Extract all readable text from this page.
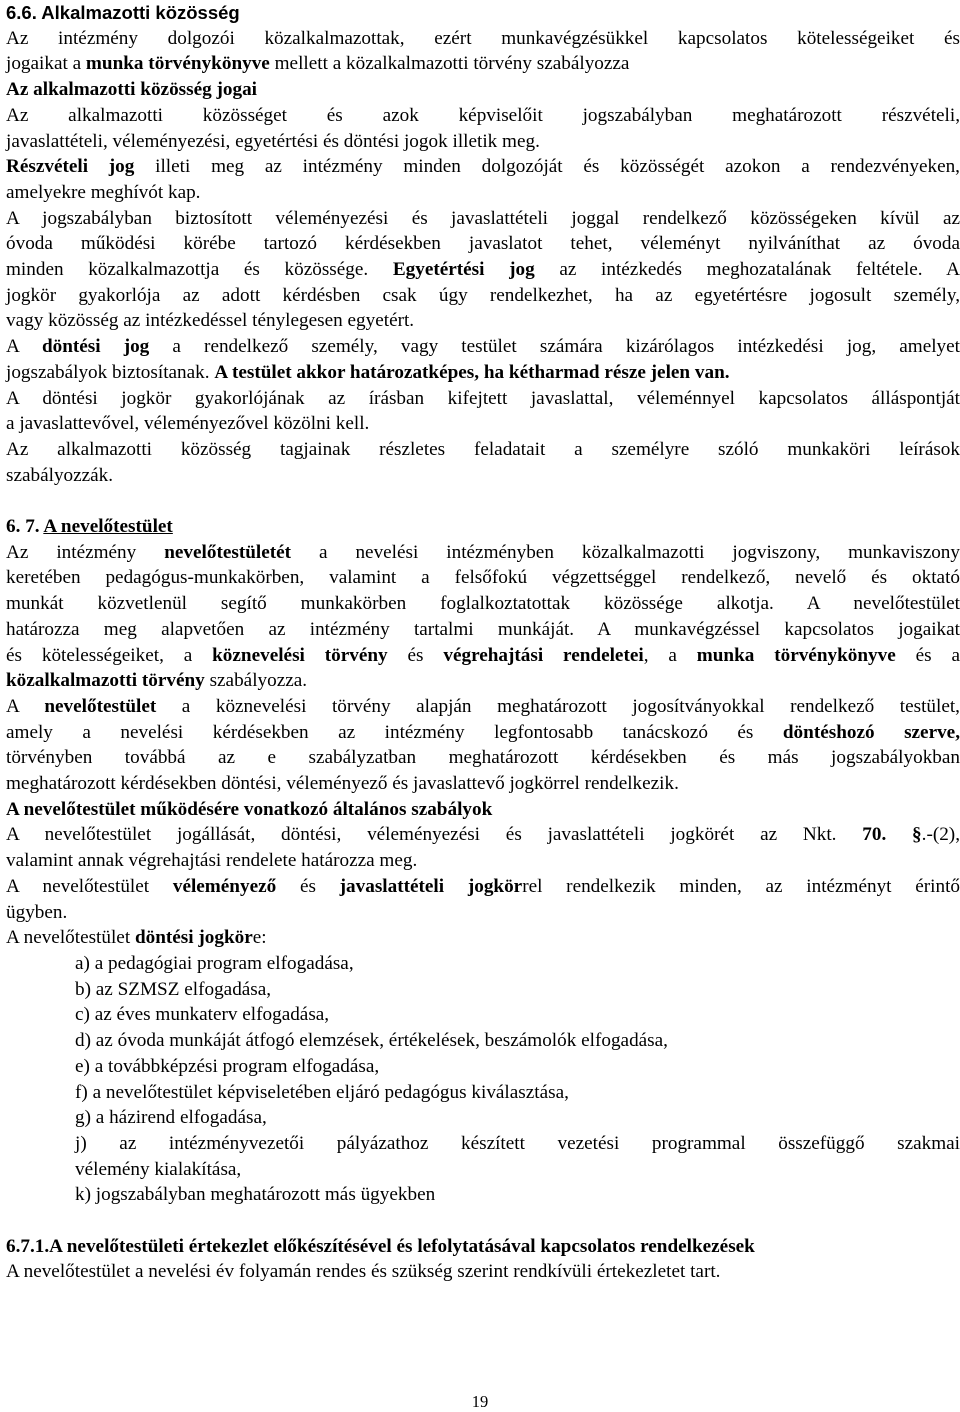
6.6. Alkalmazotti közösség

Az intézmény dolgozói közalkalmazottak, ezért munkavégzésükkel kapcsolatos kötelességeiket és
jogaikat a munka törvénykönyve mellett a közalkalmazotti törvény szabályozza

Az alkalmazotti közösség jogai

Az alkalmazotti közösséget és azok képviselőit jogszabályban meghatározott részvételi,
javaslattételi, véleményezési, egyetértési és döntési jogok illetik meg.
Részvételi jog illeti meg az intézmény minden dolgozóját és közösségét azokon a rendezvényeken,
amelyekre meghívót kap.
A jogszabályban biztosított véleményezési és javaslattételi joggal rendelkező közösségeken kívül az
óvoda működési körébe tartozó kérdésekben javaslatot tehet, véleményt nyilváníthat az óvoda
minden közalkalmazottja és közössége. Egyetértési jog az intézkedés meghozatalának feltétele. A
jogkör gyakorlója az adott kérdésben csak úgy rendelkezhet, ha az egyetértésre jogosult személy,
vagy közösség az intézkedéssel ténylegesen egyetért.
A döntési jog a rendelkező személy, vagy testület számára kizárólagos intézkedési jog, amelyet
jogszabályok biztosítanak. A testület akkor határozatképes, ha kétharmad része jelen van.
A döntési jogkör gyakorlójának az írásban kifejtett javaslattal, véleménnyel kapcsolatos álláspontját
a javaslattevővel, véleményezővel közölni kell.
Az alkalmazotti közösség tagjainak részletes feladatait a személyre szóló munkaköri leírások
szabályozzák.

6. 7. A nevelőtestület

Az intézmény nevelőtestületét a nevelési intézményben közalkalmazotti jogviszony, munkaviszony
keretében pedagógus-munkakörben, valamint a felsőfokú végzettséggel rendelkező, nevelő és oktató
munkát közvetlenül segítő munkakörben foglalkoztatottak közössége alkotja. A nevelőtestület
határozza meg alapvetően az intézmény tartalmi munkáját. A munkavégzéssel kapcsolatos jogaikat
és kötelességeiket, a köznevelési törvény és végrehajtási rendeletei, a munka törvénykönyve és a
közalkalmazotti törvény szabályozza.
A nevelőtestület a köznevelési törvény alapján meghatározott jogosítványokkal rendelkező testület,
amely a nevelési kérdésekben az intézmény legfontosabb tanácskozó és döntéshozó szerve,
törvényben továbbá az e szabályzatban meghatározott kérdésekben és más jogszabályokban
meghatározott kérdésekben döntési, véleményező és javaslattevő jogkörrel rendelkezik.

A nevelőtestület működésére vonatkozó általános szabályok

A nevelőtestület jogállását, döntési, véleményezési és javaslattételi jogkörét az Nkt. 70. §.-(2),
valamint annak végrehajtási rendelete határozza meg.
A nevelőtestület véleményező és javaslattételi jogkörrel rendelkezik minden, az intézményt érintő
ügyben.
A nevelőtestület döntési jogköre:
a) a pedagógiai program elfogadása,
b) az SZMSZ elfogadása,
c) az éves munkaterv elfogadása,
d) az óvoda munkáját átfogó elemzések, értékelések, beszámolók elfogadása,
e) a továbbképzési program elfogadása,
f) a nevelőtestület képviseletében eljáró pedagógus kiválasztása,
g) a házirend elfogadása,
j) az intézményvezetői pályázathoz készített vezetési programmal összefüggő szakmai
vélemény kialakítása,
k) jogszabályban meghatározott más ügyekben

6.7.1.A nevelőtestületi értekezlet előkészítésével és lefolytatásával kapcsolatos rendelkezések

A nevelőtestület a nevelési év folyamán rendes és szükség szerint rendkívüli értekezletet tart.

19
